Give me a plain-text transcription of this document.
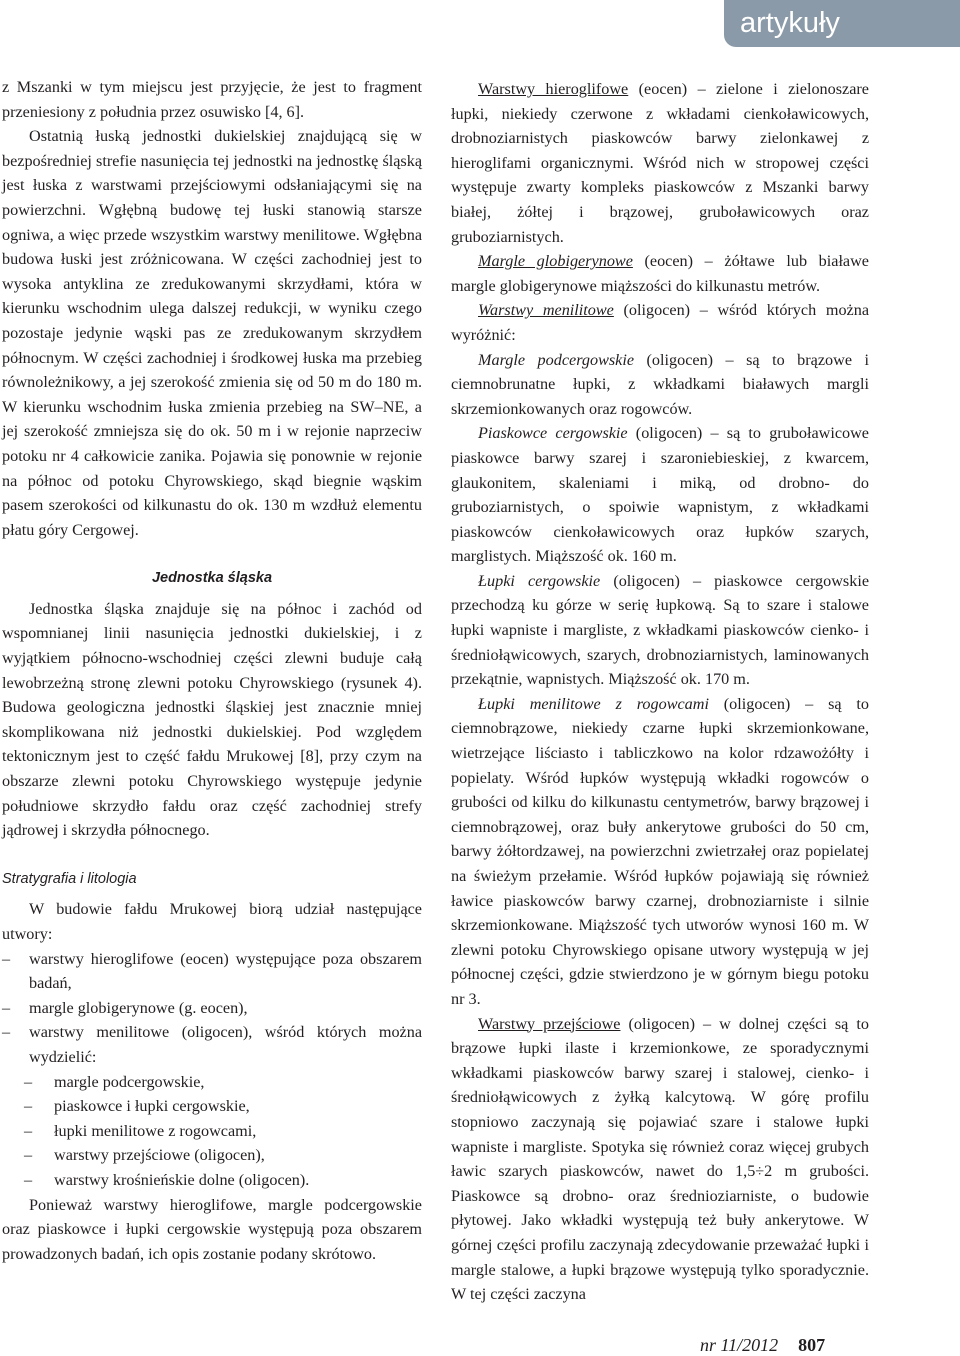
artykuły

z Mszanki w tym miejscu jest przyjęcie, że jest to fragment przeniesiony z południa przez osuwisko [4, 6].

Ostatnią łuską jednostki dukielskiej znajdującą się w bezpośredniej strefie nasunięcia tej jednostki na jednostkę śląską jest łuska z warstwami przejściowymi odsłaniającymi się na powierzchni. Wgłębną budowę tej łuski stanowią starsze ogniwa, a więc przede wszystkim warstwy menilitowe. Wgłębna budowa łuski jest zróżnicowana. W części zachodniej jest to wysoka antyklina ze zredukowanymi skrzydłami, która w kierunku wschodnim ulega dalszej redukcji, w wyniku czego pozostaje jedynie wąski pas ze zredukowanym skrzydłem północnym. W części zachodniej i środkowej łuska ma przebieg równoleżnikowy, a jej szerokość zmienia się od 50 m do 180 m. W kierunku wschodnim łuska zmienia przebieg na SW–NE, a jej szerokość zmniejsza się do ok. 50 m i w rejonie naprzeciw potoku nr 4 całkowicie zanika. Pojawia się ponownie w rejonie na północ od potoku Chyrowskiego, skąd biegnie wąskim pasem szerokości od kilkunastu do ok. 130 m wzdłuż elementu płatu góry Cergowej.

Jednostka śląska

Jednostka śląska znajduje się na północ i zachód od wspomnianej linii nasunięcia jednostki dukielskiej, i z wyjątkiem północno-wschodniej części zlewni buduje całą lewobrzeżną stronę zlewni potoku Chyrowskiego (rysunek 4). Budowa geologiczna jednostki śląskiej jest znacznie mniej skomplikowana niż jednostki dukielskiej. Pod względem tektonicznym jest to część fałdu Mrukowej [8], przy czym na obszarze zlewni potoku Chyrowskiego występuje jedynie południowe skrzydło fałdu oraz część zachodniej strefy jądrowej i skrzydła północnego.

Stratygrafia i litologia

W budowie fałdu Mrukowej biorą udział następujące utwory:

– warstwy hieroglifowe (eocen) występujące poza obszarem badań,
– margle globigerynowe (g. eocen),
– warstwy menilitowe (oligocen), wśród których można wydzielić:
– margle podcergowskie,
– piaskowce i łupki cergowskie,
– łupki menilitowe z rogowcami,
– warstwy przejściowe (oligocen),
– warstwy krośnieńskie dolne (oligocen).

Ponieważ warstwy hieroglifowe, margle podcergowskie oraz piaskowce i łupki cergowskie występują poza obszarem prowadzonych badań, ich opis zostanie podany skrótowo.

Warstwy hieroglifowe (eocen) – zielone i zielonoszare łupki, niekiedy czerwone z wkładami cienkoławicowych, drobnoziarnistych piaskowców barwy zielonkawej z hieroglifami organicznymi. Wśród nich w stropowej części występuje zwarty kompleks piaskowców z Mszanki barwy białej, żółtej i brązowej, gruboławicowych oraz gruboziarnistych.

Margle globigerynowe (eocen) – żółtawe lub białawe margle globigerynowe miąższości do kilkunastu metrów.

Warstwy menilitowe (oligocen) – wśród których można wyróżnić:

Margle podcergowskie (oligocen) – są to brązowe i ciemnobrunatne łupki, z wkładkami białawych margli skrzemionkowanych oraz rogowców.

Piaskowce cergowskie (oligocen) – są to gruboławicowe piaskowce barwy szarej i szaroniebieskiej, z kwarcem, glaukonitem, skaleniami i miką, od drobno- do gruboziarnistych, o spoiwie wapnistym, z wkładkami piaskowców cienkoławicowych oraz łupków szarych, marglistych. Miąższość ok. 160 m.

Łupki cergowskie (oligocen) – piaskowce cergowskie przechodzą ku górze w serię łupkową. Są to szare i stalowe łupki wapniste i margliste, z wkładkami piaskowców cienko- i średniołąwicowych, szarych, drobnoziarnistych, laminowanych przekątnie, wapnistych. Miąższość ok. 170 m.

Łupki menilitowe z rogowcami (oligocen) – są to ciemnobrązowe, niekiedy czarne łupki skrzemionkowane, wietrzejące liściasto i tabliczkowo na kolor rdzawożółty i popielaty. Wśród łupków występują wkładki rogowców o grubości od kilku do kilkunastu centymetrów, barwy brązowej i ciemnobrązowej, oraz buły ankerytowe grubości do 50 cm, barwy żółtordzawej, na powierzchni zwietrzałej oraz popielatej na świeżym przełamie. Wśród łupków pojawiają się również ławice piaskowców barwy czarnej, drobnoziarniste i silnie skrzemionkowane. Miąższość tych utworów wynosi 160 m. W zlewni potoku Chyrowskiego opisane utwory występują w jej północnej części, gdzie stwierdzono je w górnym biegu potoku nr 3.

Warstwy przejściowe (oligocen) – w dolnej części są to brązowe łupki ilaste i krzemionkowe, ze sporadycznymi wkładkami piaskowców barwy szarej i stalowej, cienko- i średniołąwicowych z żyłką kalcytową. W górę profilu stopniowo zaczynają się pojawiać szare i stalowe łupki wapniste i margliste. Spotyka się również coraz więcej grubych ławic szarych piaskowców, nawet do 1,5÷2 m grubości. Piaskowce są drobno- oraz średnioziarniste, o budowie płytowej. Jako wkładki występują też buły ankerytowe. W górnej części profilu zaczynają zdecydowanie przeważać łupki i margle stalowe, a łupki brązowe występują tylko sporadycznie. W tej części zaczyna

nr 11/2012 807
